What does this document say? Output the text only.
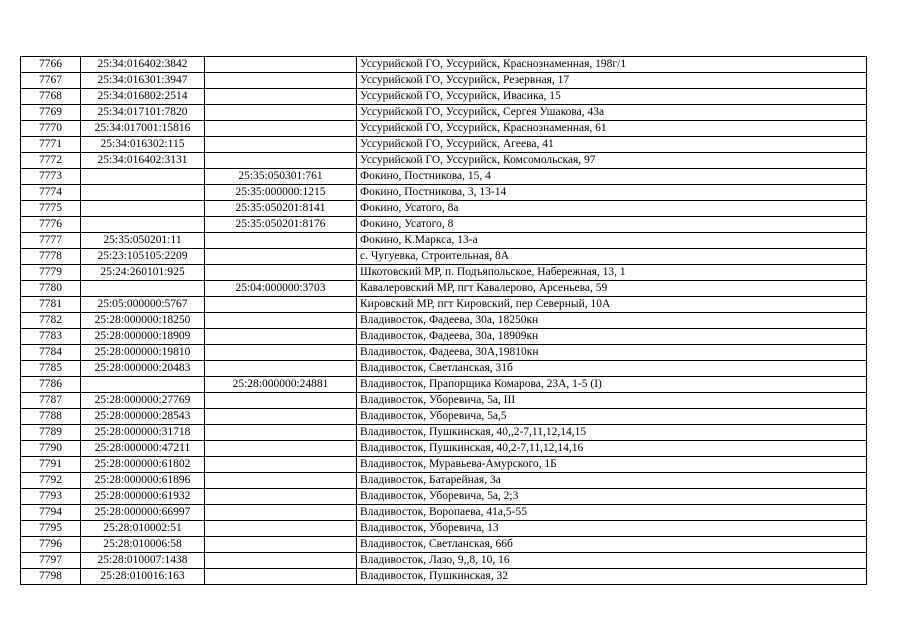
7766	25:34:016402:3842		Уссурийской ГО, Уссурийск, Краснознаменная, 198г/1
7767	25:34:016301:3947		Уссурийской ГО, Уссурийск, Резервная, 17
7768	25:34:016802:2514		Уссурийской ГО, Уссурийск, Ивасика, 15
7769	25:34:017101:7820		Уссурийской ГО, Уссурийск, Сергея Ушакова, 43а
7770	25:34:017001:15816		Уссурийской ГО, Уссурийск, Краснознаменная, 61
7771	25:34:016302:115		Уссурийской ГО, Уссурийск, Агеева, 41
7772	25:34:016402:3131		Уссурийской ГО, Уссурийск, Комсомольская, 97
7773		25:35:050301:761	Фокино, Постникова, 15, 4
7774		25:35:000000:1215	Фокино, Постникова, 3, 13-14
7775		25:35:050201:8141	Фокино, Усатого, 8а
7776		25:35:050201:8176	Фокино, Усатого, 8
7777	25:35:050201:11		Фокино, К.Маркса, 13-а
7778	25:23:105105:2209		с. Чугуевка, Строительная, 8А
7779	25:24:260101:925		Шкотовский МР, п. Подъяпольское, Набережная, 13, 1
7780		25:04:000000:3703	Кавалеровский МР, пгт Кавалерово, Арсеньева, 59
7781	25:05:000000:5767		Кировский МР, пгт Кировский, пер Северный, 10А
7782	25:28:000000:18250		Владивосток, Фадеева, 30а, 18250кн
7783	25:28:000000:18909		Владивосток, Фадеева, 30а, 18909кн
7784	25:28:000000:19810		Владивосток, Фадеева, 30А,19810кн
7785	25:28:000000:20483		Владивосток, Светланская, 31б
7786		25:28:000000:24881	Владивосток, Прапорщика Комарова, 23А, 1-5 (I)
7787	25:28:000000:27769		Владивосток, Уборевича, 5а, III
7788	25:28:000000:28543		Владивосток, Уборевича, 5а,5
7789	25:28:000000:31718		Владивосток, Пушкинская, 40,,2-7,11,12,14,15
7790	25:28:000000:47211		Владивосток, Пушкинская, 40,2-7,11,12,14,16
7791	25:28:000000:61802		Владивосток, Муравьева-Амурского, 1Б
7792	25:28:000000:61896		Владивосток, Батарейная, 3а
7793	25:28:000000:61932		Владивосток, Уборевича, 5а, 2;3
7794	25:28:000000:66997		Владивосток, Воропаева, 41а,5-55
7795	25:28:010002:51		Владивосток, Уборевича, 13
7796	25:28:010006:58		Владивосток, Светланская, 66б
7797	25:28:010007:1438		Владивосток, Лазо, 9,,8, 10, 16
7798	25:28:010016:163		Владивосток, Пушкинская, 32
